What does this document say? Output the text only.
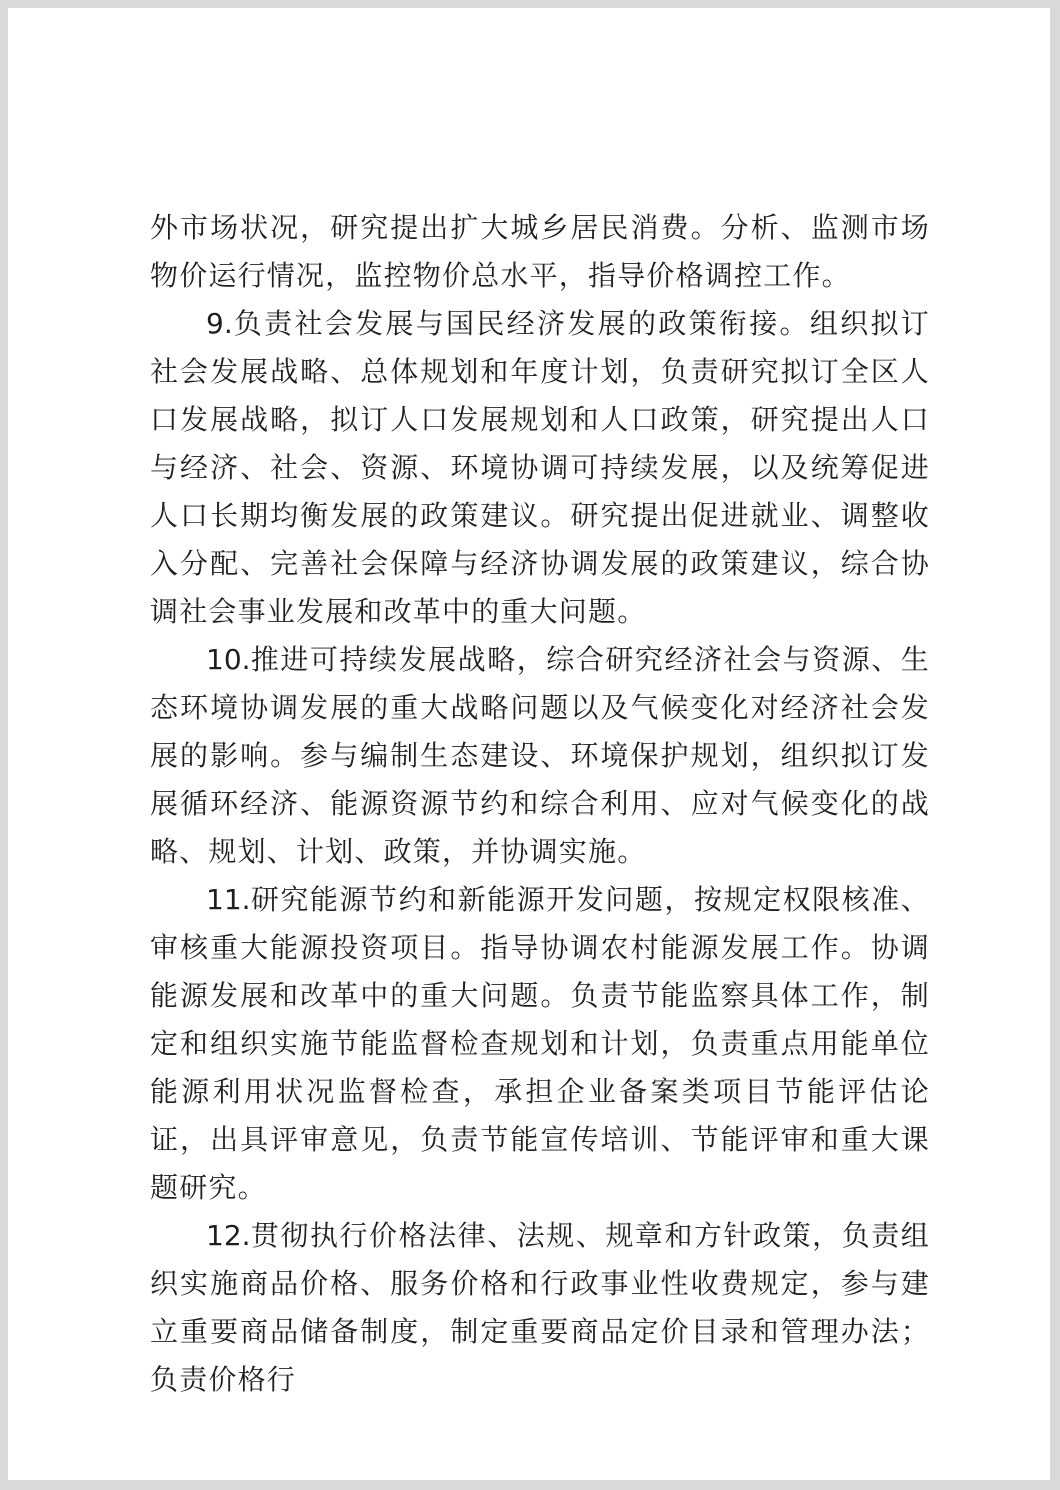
外市场状况，研究提出扩大城乡居民消费。分析、监测市场物价运行情况，监控物价总水平，指导价格调控工作。

9.负责社会发展与国民经济发展的政策衔接。组织拟订社会发展战略、总体规划和年度计划，负责研究拟订全区人口发展战略，拟订人口发展规划和人口政策，研究提出人口与经济、社会、资源、环境协调可持续发展，以及统筹促进人口长期均衡发展的政策建议。研究提出促进就业、调整收入分配、完善社会保障与经济协调发展的政策建议，综合协调社会事业发展和改革中的重大问题。

10.推进可持续发展战略，综合研究经济社会与资源、生态环境协调发展的重大战略问题以及气候变化对经济社会发展的影响。参与编制生态建设、环境保护规划，组织拟订发展循环经济、能源资源节约和综合利用、应对气候变化的战略、规划、计划、政策，并协调实施。

11.研究能源节约和新能源开发问题，按规定权限核准、审核重大能源投资项目。指导协调农村能源发展工作。协调能源发展和改革中的重大问题。负责节能监察具体工作，制定和组织实施节能监督检查规划和计划，负责重点用能单位能源利用状况监督检查，承担企业备案类项目节能评估论证，出具评审意见，负责节能宣传培训、节能评审和重大课题研究。

12.贯彻执行价格法律、法规、规章和方针政策，负责组织实施商品价格、服务价格和行政事业性收费规定，参与建立重要商品储备制度，制定重要商品定价目录和管理办法；负责价格行
